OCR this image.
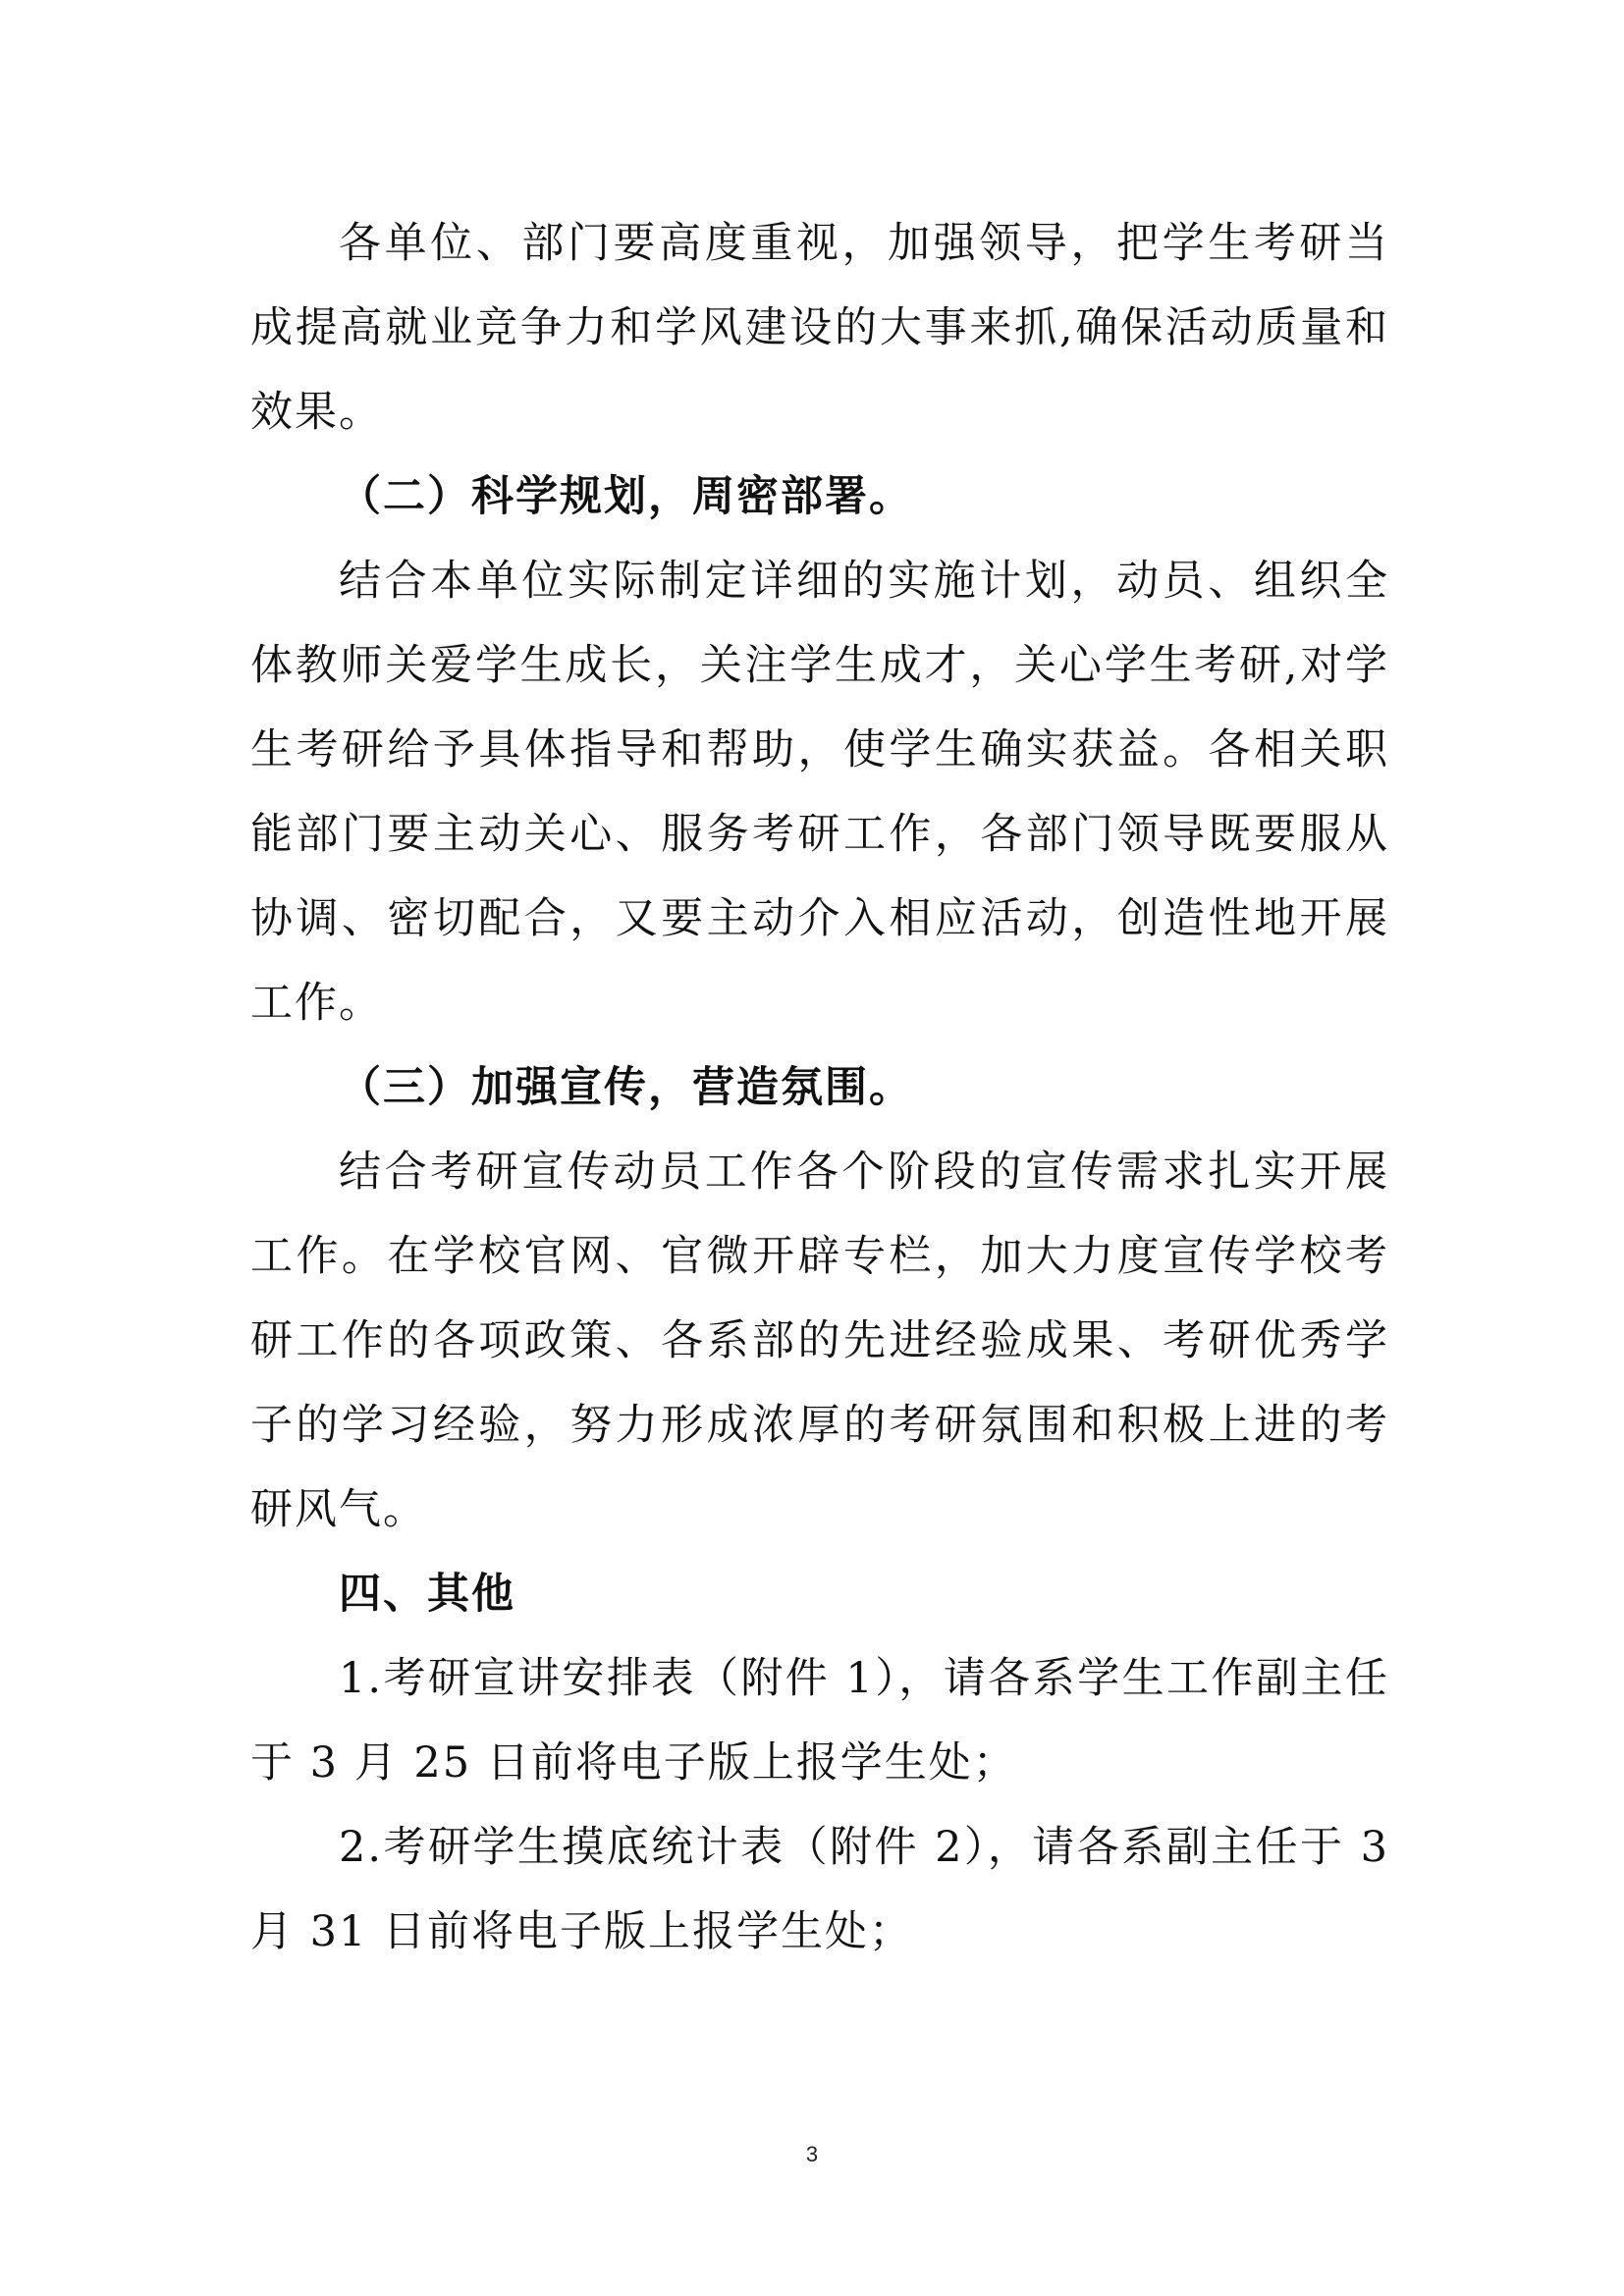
各单位、部门要高度重视，加强领导，把学生考研当成提高就业竞争力和学风建设的大事来抓,确保活动质量和效果。

（二）科学规划，周密部署。

结合本单位实际制定详细的实施计划，动员、组织全体教师关爱学生成长，关注学生成才，关心学生考研,对学生考研给予具体指导和帮助，使学生确实获益。各相关职能部门要主动关心、服务考研工作，各部门领导既要服从协调、密切配合，又要主动介入相应活动，创造性地开展工作。

（三）加强宣传，营造氛围。

结合考研宣传动员工作各个阶段的宣传需求扎实开展工作。在学校官网、官微开辟专栏，加大力度宣传学校考研工作的各项政策、各系部的先进经验成果、考研优秀学子的学习经验，努力形成浓厚的考研氛围和积极上进的考研风气。

四、其他

1.考研宣讲安排表（附件 1），请各系学生工作副主任于 3 月 25 日前将电子版上报学生处；

2.考研学生摸底统计表（附件 2），请各系副主任于 3 月 31 日前将电子版上报学生处；

3
